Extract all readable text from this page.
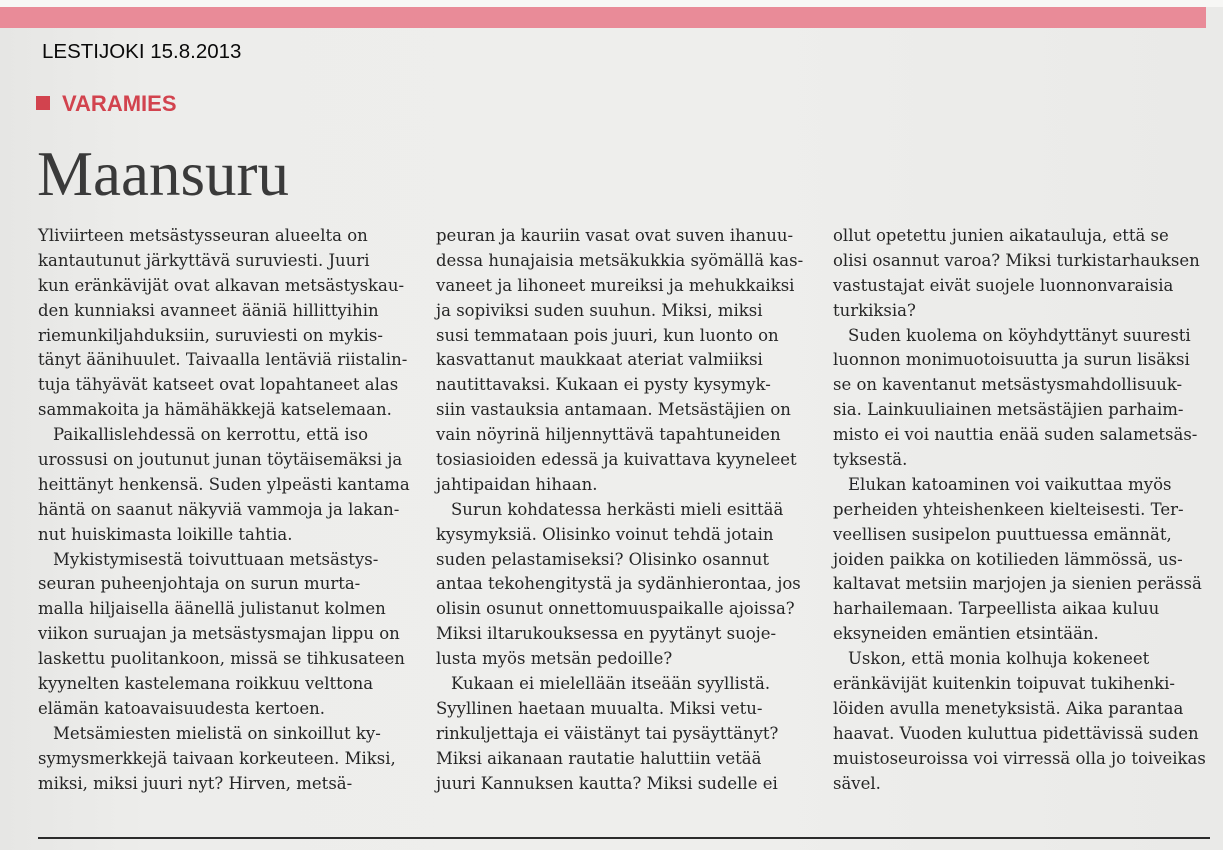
LESTIJOKI 15.8.2013
VARAMIES
Maansuru
Yliviirteen metsästysseuran alueelta on
kantautunut järkyttävä suruviesti. Juuri
kun eränkävijät ovat alkavan metsästyskau-
den kunniaksi avanneet ääniä hillittyihin
riemunkiljahduksiin, suruviesti on mykis-
tänyt äänihuulet. Taivaalla lentäviä riistalin-
tuja tähyävät katseet ovat lopahtaneet alas
sammakoita ja hämähäkkejä katselemaan.
Paikallislehdessä on kerrottu, että iso
urossusi on joutunut junan töytäisemäksi ja
heittänyt henkensä. Suden ylpeästi kantama
häntä on saanut näkyviä vammoja ja lakan-
nut huiskimasta loikille tahtia.
Mykistymisestä toivuttuaan metsästys-
seuran puheenjohtaja on surun murta-
malla hiljaisella äänellä julistanut kolmen
viikon suruajan ja metsästysmajan lippu on
laskettu puolitankoon, missä se tihkusateen
kyynelten kastelemana roikkuu velttona
elämän katoavaisuudesta kertoen.
Metsämiesten mielistä on sinkoillut ky-
symysmerkkejä taivaan korkeuteen. Miksi,
miksi, miksi juuri nyt? Hirven, metsä-
peuran ja kauriin vasat ovat suven ihanuu-
dessa hunajaisia metsäkukkia syömällä kas-
vaneet ja lihoneet mureiksi ja mehukkaiksi
ja sopiviksi suden suuhun. Miksi, miksi
susi temmataan pois juuri, kun luonto on
kasvattanut maukkaat ateriat valmiiksi
nautittavaksi. Kukaan ei pysty kysymyk-
siin vastauksia antamaan. Metsästäjien on
vain nöyrinä hiljennyttävä tapahtuneiden
tosiasioiden edessä ja kuivattava kyyneleet
jahtipaidan hihaan.
Surun kohdatessa herkästi mieli esittää
kysymyksiä. Olisinko voinut tehdä jotain
suden pelastamiseksi? Olisinko osannut
antaa tekohengitystä ja sydänhierontaa, jos
olisin osunut onnettomuuspaikalle ajoissa?
Miksi iltarukouksessa en pyytänyt suoje-
lusta myös metsän pedoille?
Kukaan ei mielellään itseään syyllistä.
Syyllinen haetaan muualta. Miksi vetu-
rinkuljettaja ei väistänyt tai pysäyttänyt?
Miksi aikanaan rautatie haluttiin vetää
juuri Kannuksen kautta? Miksi sudelle ei
ollut opetettu junien aikatauluja, että se
olisi osannut varoa? Miksi turkistarhauksen
vastustajat eivät suojele luonnonvaraisia
turkiksia?
Suden kuolema on köyhdyttänyt suuresti
luonnon monimuotoisuutta ja surun lisäksi
se on kaventanut metsästysmahdollisuuk-
sia. Lainkuuliainen metsästäjien parhaim-
misto ei voi nauttia enää suden salametsäs-
tyksestä.
Elukan katoaminen voi vaikuttaa myös
perheiden yhteishenkeen kielteisesti. Ter-
veellisen susipelon puuttuessa emännät,
joiden paikka on kotilieden lämmössä, us-
kaltavat metsiin marjojen ja sienien perässä
harhailemaan. Tarpeellista aikaa kuluu
eksyneiden emäntien etsintään.
Uskon, että monia kolhuja kokeneet
eränkävijät kuitenkin toipuvat tukihenki-
löiden avulla menetyksistä. Aika parantaa
haavat. Vuoden kuluttua pidettävissä suden
muistoseuroissa voi virressä olla jo toiveikas
sävel.
